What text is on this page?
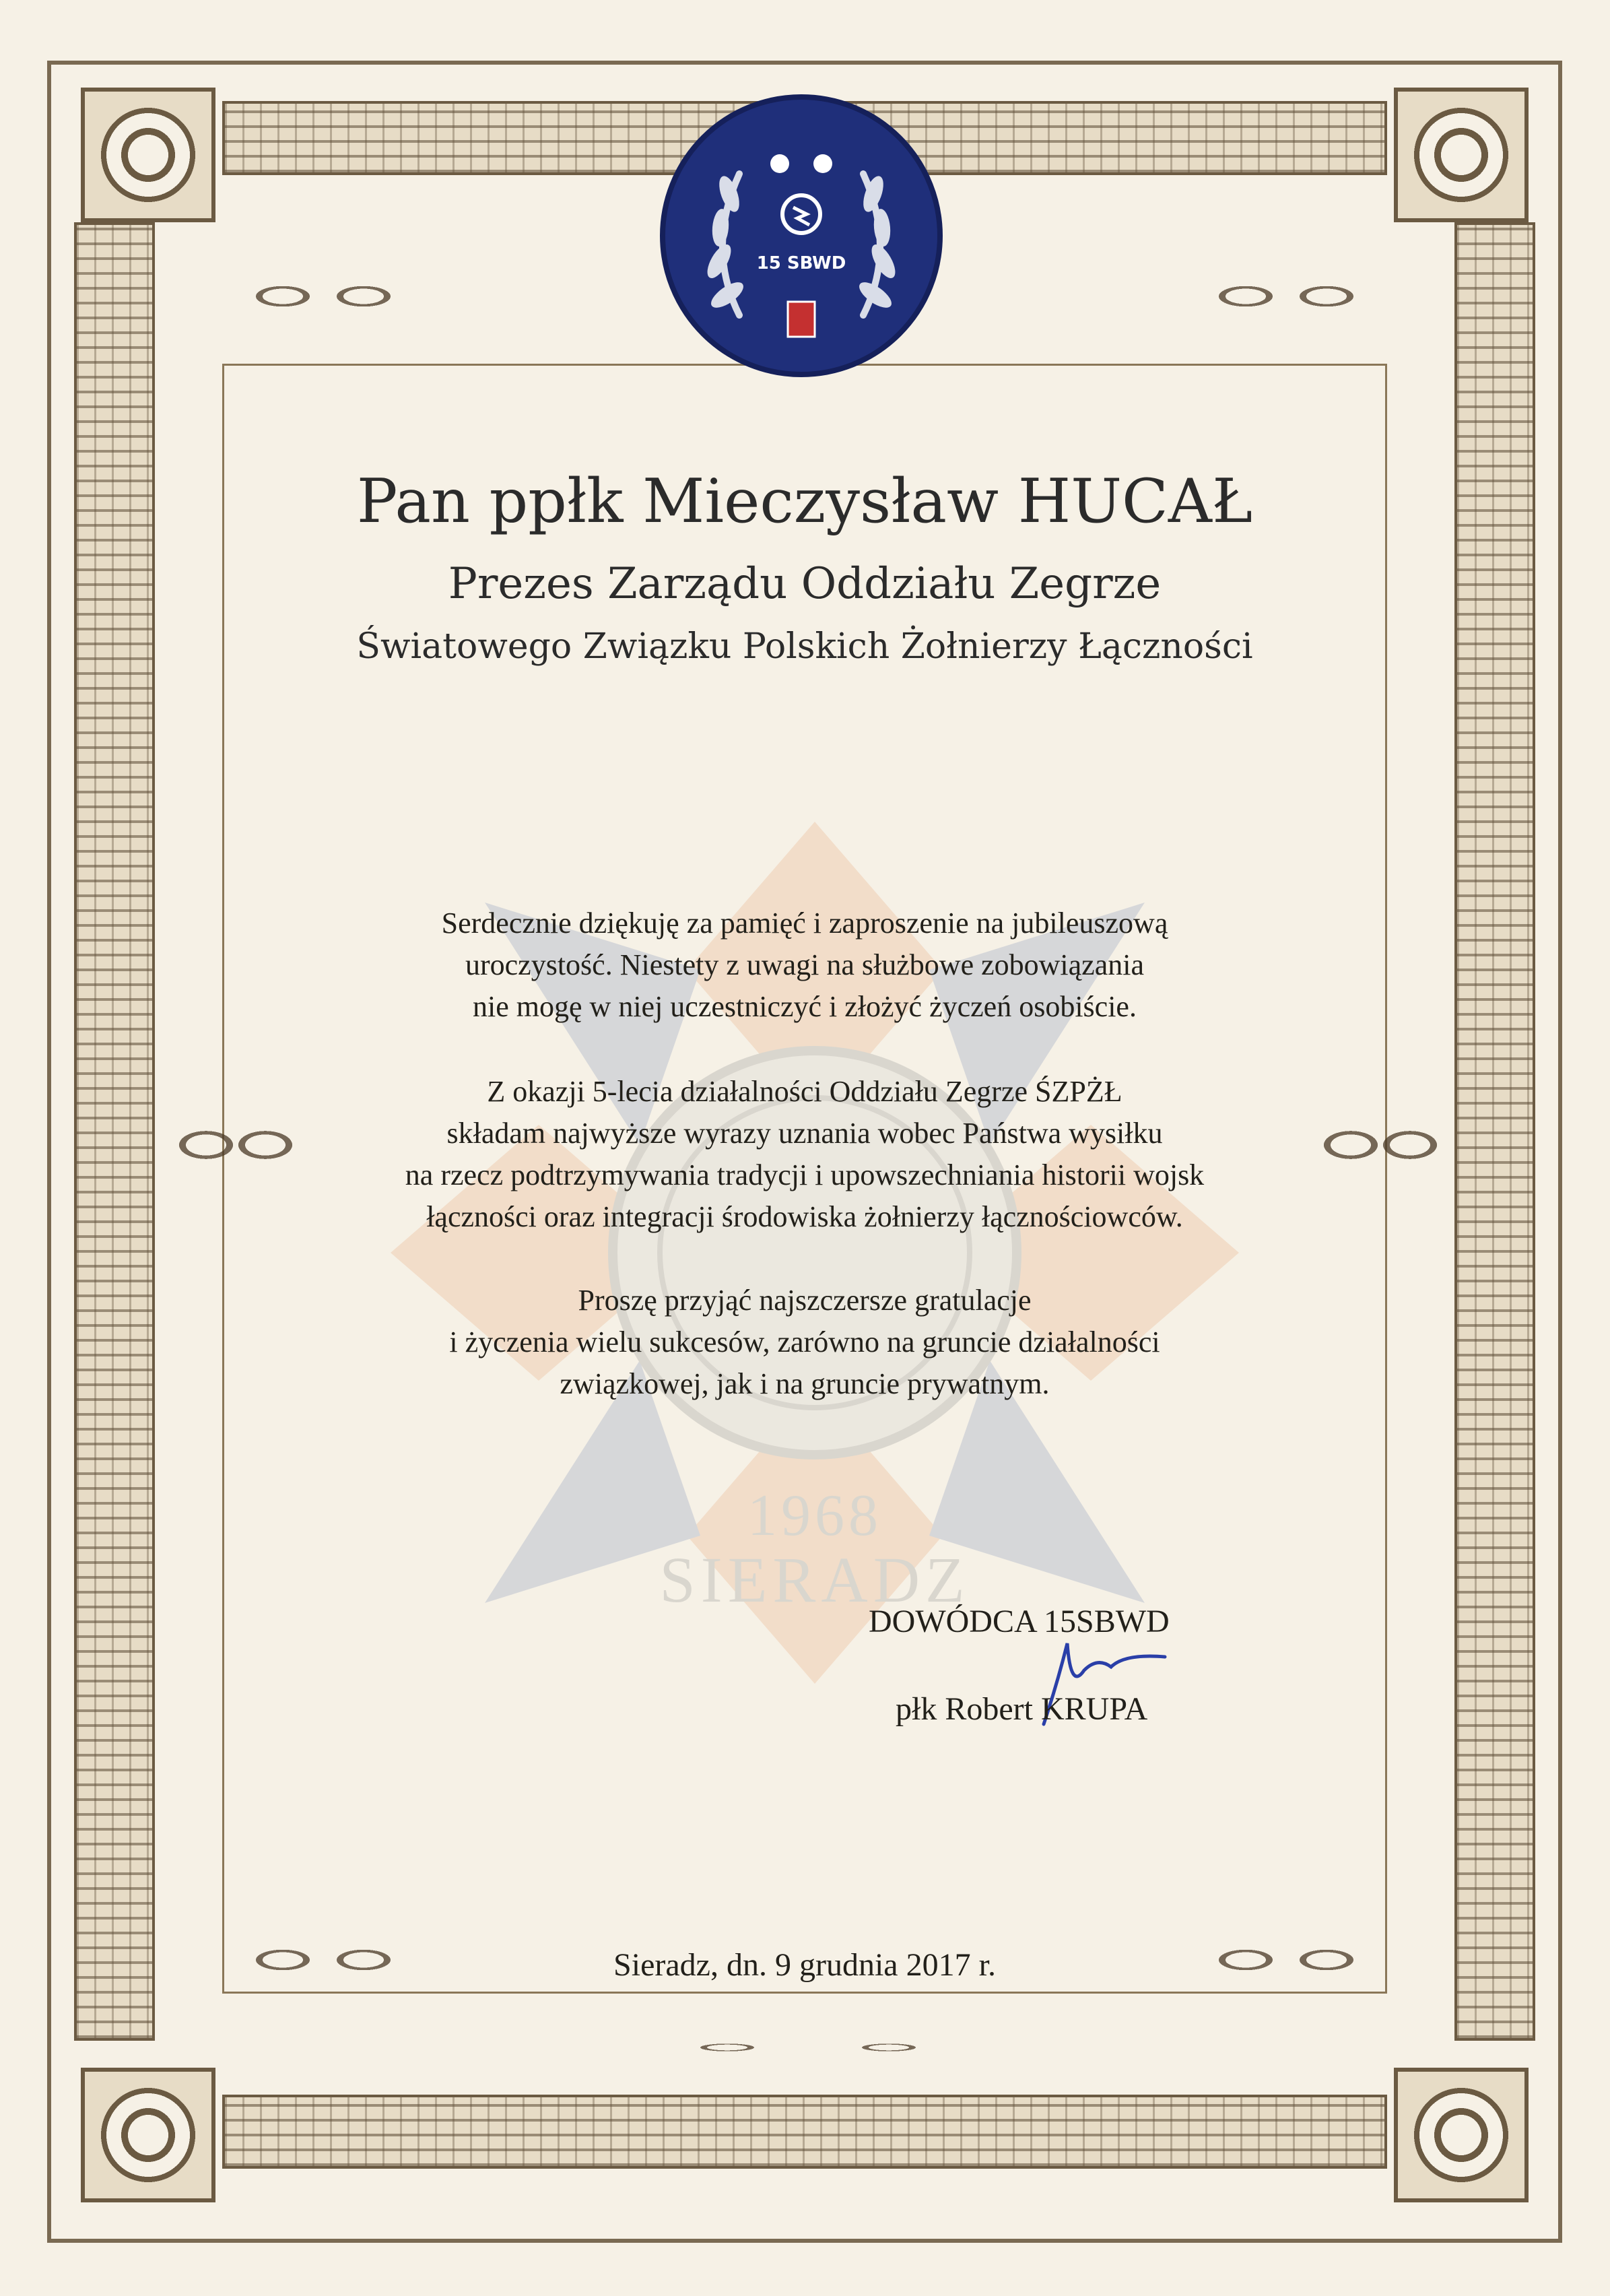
1968
SIERADZ
15 SBWD
Pan ppłk Mieczysław HUCAŁ
Prezes Zarządu Oddziału Zegrze
Światowego Związku Polskich Żołnierzy Łączności
Serdecznie dziękuję za pamięć i zaproszenie na jubileuszową
uroczystość. Niestety z uwagi na służbowe zobowiązania
nie mogę w niej uczestniczyć i złożyć życzeń osobiście.
Z okazji 5-lecia działalności Oddziału Zegrze ŚZPŻŁ
składam najwyższe wyrazy uznania wobec Państwa wysiłku
na rzecz podtrzymywania tradycji i upowszechniania historii wojsk
łączności oraz integracji środowiska żołnierzy łącznościowców.
Proszę przyjąć najszczersze gratulacje
i życzenia wielu sukcesów, zarówno na gruncie działalności
związkowej, jak i na gruncie prywatnym.
DOWÓDCA 15SBWD
płk Robert KRUPA
Sieradz, dn. 9 grudnia 2017 r.
